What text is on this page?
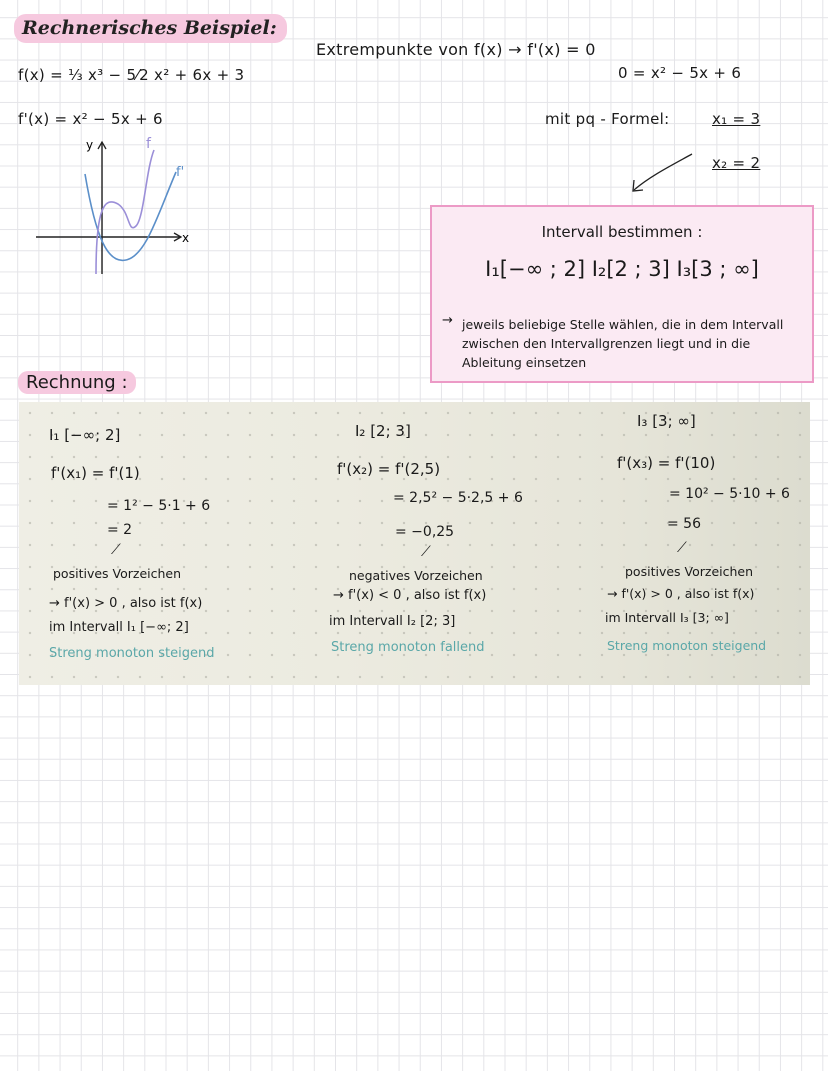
Rechnerisches Beispiel:
f(x) = ⅓ x³ − 5⁄2 x² + 6x + 3
f'(x) = x² − 5x + 6
y
x
f
f'
Extrempunkte von f(x) → f'(x) = 0
0 = x² − 5x + 6
mit pq - Formel:	x₁ = 3
x₂ = 2
Intervall bestimmen :
I₁[−∞ ; 2] I₂[2 ; 3] I₃[3 ; ∞]
→ jeweils beliebige Stelle wählen, die in dem Intervall zwischen den Intervallgrenzen liegt und in die Ableitung einsetzen
Rechnung :
I₁ [−∞; 2]
f'(x₁) = f'(1)
= 1² − 5·1 + 6
= 2
⟋
positives Vorzeichen
→ f'(x) > 0 , also ist f(x)
im Intervall I₁ [−∞; 2]
Streng monoton steigend
I₂ [2; 3]
f'(x₂) = f'(2,5)
= 2,5² − 5·2,5 + 6
= −0,25
⟋
negatives Vorzeichen
→ f'(x) < 0 , also ist f(x)
im Intervall I₂ [2; 3]
Streng monoton fallend
I₃ [3; ∞]
f'(x₃) = f'(10)
= 10² − 5·10 + 6
= 56
⟋
positives Vorzeichen
→ f'(x) > 0 , also ist f(x)
im Intervall I₃ [3; ∞]
Streng monoton steigend
